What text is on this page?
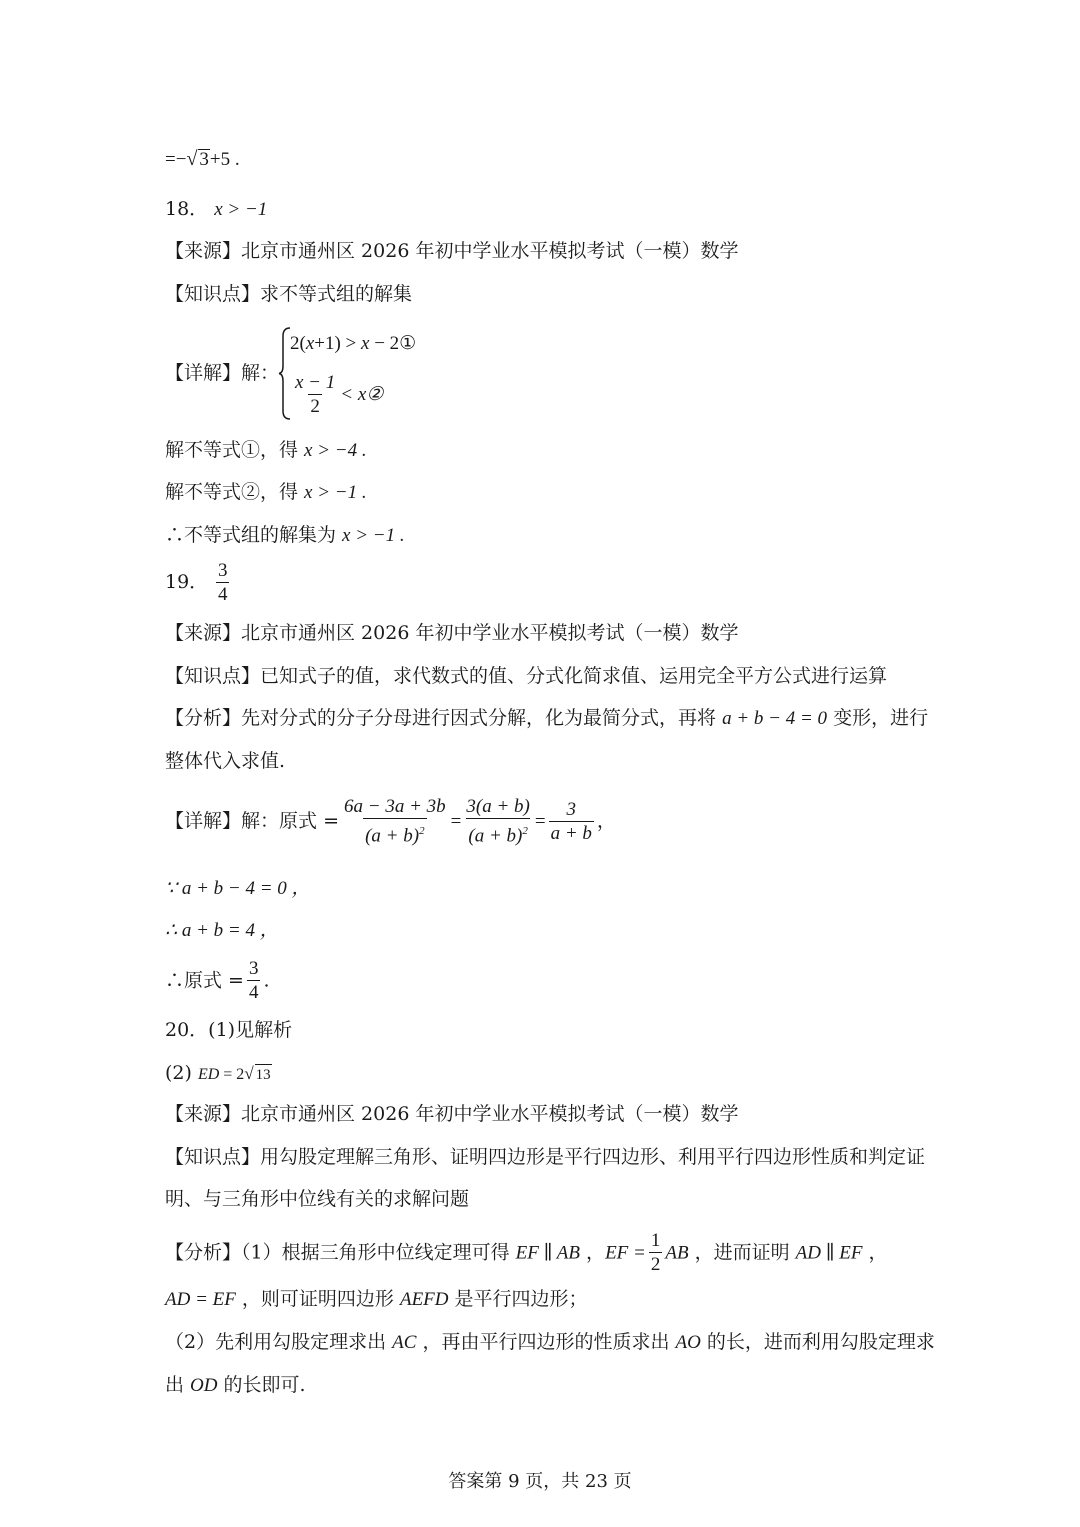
=−√ 3+5 .
18． x > −1
【来源】北京市通州区 2026 年初中学业水平模拟考试（一模）数学
【知识点】求不等式组的解集
【详解】解：
2(x+1) > x − 2①
$\frac{x - 1}{2}$ < x②
解不等式①，得 x > −4 .
解不等式②，得 x > −1 .
∴不等式组的解集为 x > −1 .
19． $\frac{3}{4}$
【来源】北京市通州区 2026 年初中学业水平模拟考试（一模）数学
【知识点】已知式子的值，求代数式的值、分式化简求值、运用完全平方公式进行运算
【分析】先对分式的分子分母进行因式分解，化为最简分式，再将 a + b − 4 = 0 变形，进行
整体代入求值.
【详解】解：原式 = $\frac{6a - 3a + 3b}{(a + b)^2} = \frac{3(a + b)}{(a + b)^2} = \frac{3}{a + b}$ ，
∵ a + b − 4 = 0 ，
∴ a + b = 4 ，
∴原式 = $\frac{3}{4}$ .
20．(1)见解析
(2) ED = 2√ 13
【来源】北京市通州区 2026 年初中学业水平模拟考试（一模）数学
【知识点】用勾股定理解三角形、证明四边形是平行四边形、利用平行四边形性质和判定证
明、与三角形中位线有关的求解问题
【分析】（1）根据三角形中位线定理可得 EF ∥ AB ，EF = $\frac{1}{2}$ AB ，进而证明 AD ∥ EF ，
AD = EF ，则可证明四边形 AEFD 是平行四边形；
（2）先利用勾股定理求出 AC ，再由平行四边形的性质求出 AO 的长，进而利用勾股定理求
出 OD 的长即可.
答案第 9 页，共 23 页
